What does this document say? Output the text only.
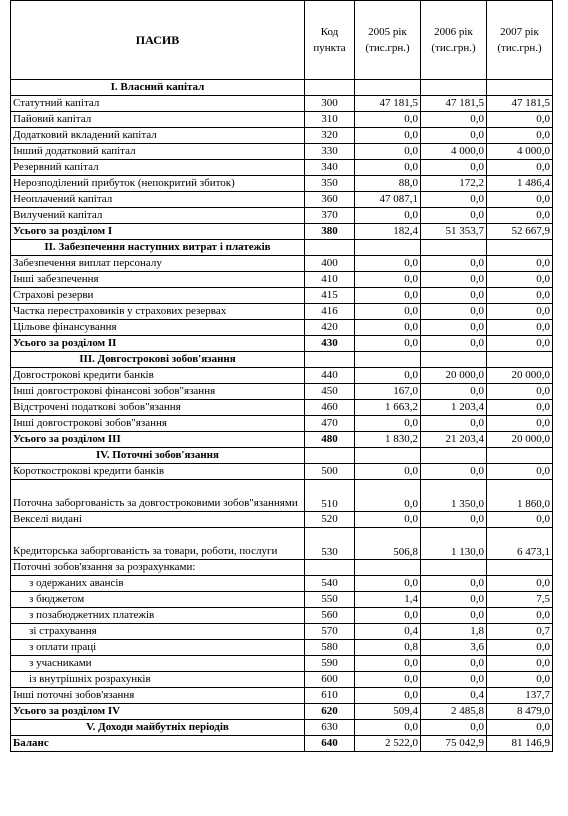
ПАСИВ	Код пункта	2005 рік (тис.грн.)	2006 рік (тис.грн.)	2007 рік (тис.грн.)
I. Власний капітал				
Статутний капітал	300	47 181,5	47 181,5	47 181,5
Пайовий капітал	310	0,0	0,0	0,0
Додатковий вкладений капітал	320	0,0	0,0	0,0
Інший додатковий капітал	330	0,0	4 000,0	4 000,0
Резервний капітал	340	0,0	0,0	0,0
Нерозподілений прибуток (непокритий збиток)	350	88,0	172,2	1 486,4
Неоплачений капітал	360	47 087,1	0,0	0,0
Вилучений капітал	370	0,0	0,0	0,0
Усього за розділом І	380	182,4	51 353,7	52 667,9
ІІ. Забезпечення наступних витрат і платежів				
Забезпечення виплат персоналу	400	0,0	0,0	0,0
Інші забезпечення	410	0,0	0,0	0,0
Страхові резерви	415	0,0	0,0	0,0
Частка перестраховиків у страхових резервах	416	0,0	0,0	0,0
Цільове фінансування	420	0,0	0,0	0,0
Усього за розділом ІІ	430	0,0	0,0	0,0
ІІІ. Довгострокові зобов'язання				
Довгострокові кредити банків	440	0,0	20 000,0	20 000,0
Інші довгострокові фінансові зобов"язання	450	167,0	0,0	0,0
Відстрочені податкові зобов"язання	460	1 663,2	1 203,4	0,0
Інші довгострокові зобов"язання	470	0,0	0,0	0,0
Усього за розділом ІІІ	480	1 830,2	21 203,4	20 000,0
IV. Поточні зобов'язання				
Короткострокові кредити банків	500	0,0	0,0	0,0
Поточна заборгованість за довгостроковими зобов"язаннями	510	0,0	1 350,0	1 860,0
Векселі видані	520	0,0	0,0	0,0
Кредиторська заборгованість за товари, роботи, послуги	530	506,8	1 130,0	6 473,1
Поточні зобов'язання за розрахунками:				
з одержаних авансів	540	0,0	0,0	0,0
з бюджетом	550	1,4	0,0	7,5
з позабюджетних платежів	560	0,0	0,0	0,0
зі страхування	570	0,4	1,8	0,7
з оплати праці	580	0,8	3,6	0,0
з учасниками	590	0,0	0,0	0,0
із внутрішніх розрахунків	600	0,0	0,0	0,0
Інші поточні зобов'язання	610	0,0	0,4	137,7
Усього за розділом IV	620	509,4	2 485,8	8 479,0
V. Доходи майбутніх періодів	630	0,0	0,0	0,0
Баланс	640	2 522,0	75 042,9	81 146,9
